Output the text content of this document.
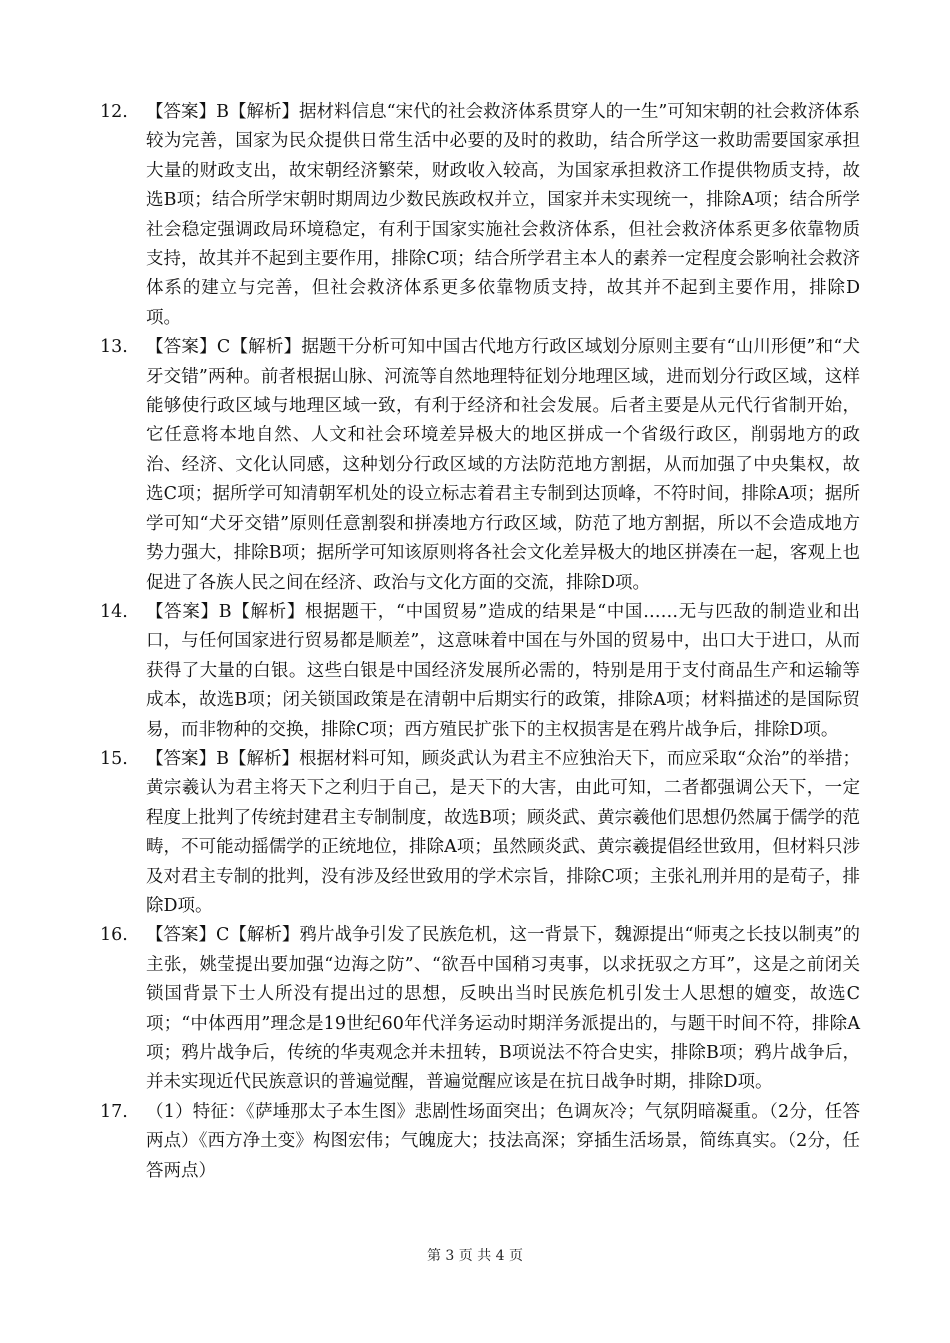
12.	【答案】B【解析】据材料信息“宋代的社会救济体系贯穿人的一生”可知宋朝的社会救济体系较为完善，国家为民众提供日常生活中必要的及时的救助，结合所学这一救助需要国家承担大量的财政支出，故宋朝经济繁荣，财政收入较高，为国家承担救济工作提供物质支持，故选B项；结合所学宋朝时期周边少数民族政权并立，国家并未实现统一，排除A项；结合所学社会稳定强调政局环境稳定，有利于国家实施社会救济体系，但社会救济体系更多依靠物质支持，故其并不起到主要作用，排除C项；结合所学君主本人的素养一定程度会影响社会救济体系的建立与完善，但社会救济体系更多依靠物质支持，故其并不起到主要作用，排除D项。
13.	【答案】C【解析】据题干分析可知中国古代地方行政区域划分原则主要有“山川形便”和“犬牙交错”两种。前者根据山脉、河流等自然地理特征划分地理区域，进而划分行政区域，这样能够使行政区域与地理区域一致，有利于经济和社会发展。后者主要是从元代行省制开始，它任意将本地自然、人文和社会环境差异极大的地区拼成一个省级行政区，削弱地方的政治、经济、文化认同感，这种划分行政区域的方法防范地方割据，从而加强了中央集权，故选C项；据所学可知清朝军机处的设立标志着君主专制到达顶峰，不符时间，排除A项；据所学可知“犬牙交错”原则任意割裂和拼凑地方行政区域，防范了地方割据，所以不会造成地方势力强大，排除B项；据所学可知该原则将各社会文化差异极大的地区拼凑在一起，客观上也促进了各族人民之间在经济、政治与文化方面的交流，排除D项。
14.	【答案】B【解析】根据题干，“中国贸易”造成的结果是“中国……无与匹敌的制造业和出口，与任何国家进行贸易都是顺差”，这意味着中国在与外国的贸易中，出口大于进口，从而获得了大量的白银。这些白银是中国经济发展所必需的，特别是用于支付商品生产和运输等成本，故选B项；闭关锁国政策是在清朝中后期实行的政策，排除A项；材料描述的是国际贸易，而非物种的交换，排除C项；西方殖民扩张下的主权损害是在鸦片战争后，排除D项。
15.	【答案】B【解析】根据材料可知，顾炎武认为君主不应独治天下，而应采取“众治”的举措；黄宗羲认为君主将天下之利归于自己，是天下的大害，由此可知，二者都强调公天下，一定程度上批判了传统封建君主专制制度，故选B项；顾炎武、黄宗羲他们思想仍然属于儒学的范畴，不可能动摇儒学的正统地位，排除A项；虽然顾炎武、黄宗羲提倡经世致用，但材料只涉及对君主专制的批判，没有涉及经世致用的学术宗旨，排除C项；主张礼刑并用的是荀子，排除D项。
16.	【答案】C【解析】鸦片战争引发了民族危机，这一背景下，魏源提出“师夷之长技以制夷”的主张，姚莹提出要加强“边海之防”、“欲吾中国稍习夷事，以求抚驭之方耳”，这是之前闭关锁国背景下士人所没有提出过的思想，反映出当时民族危机引发士人思想的嬗变，故选C项；“中体西用”理念是19世纪60年代洋务运动时期洋务派提出的，与题干时间不符，排除A项；鸦片战争后，传统的华夷观念并未扭转，B项说法不符合史实，排除B项；鸦片战争后，并未实现近代民族意识的普遍觉醒，普遍觉醒应该是在抗日战争时期，排除D项。
17.	（1）特征：《萨埵那太子本生图》悲剧性场面突出；色调灰冷；气氛阴暗凝重。（2分，任答两点）《西方净土变》构图宏伟；气魄庞大；技法高深；穿插生活场景，简练真实。（2分，任答两点）
第 3 页 共 4 页
